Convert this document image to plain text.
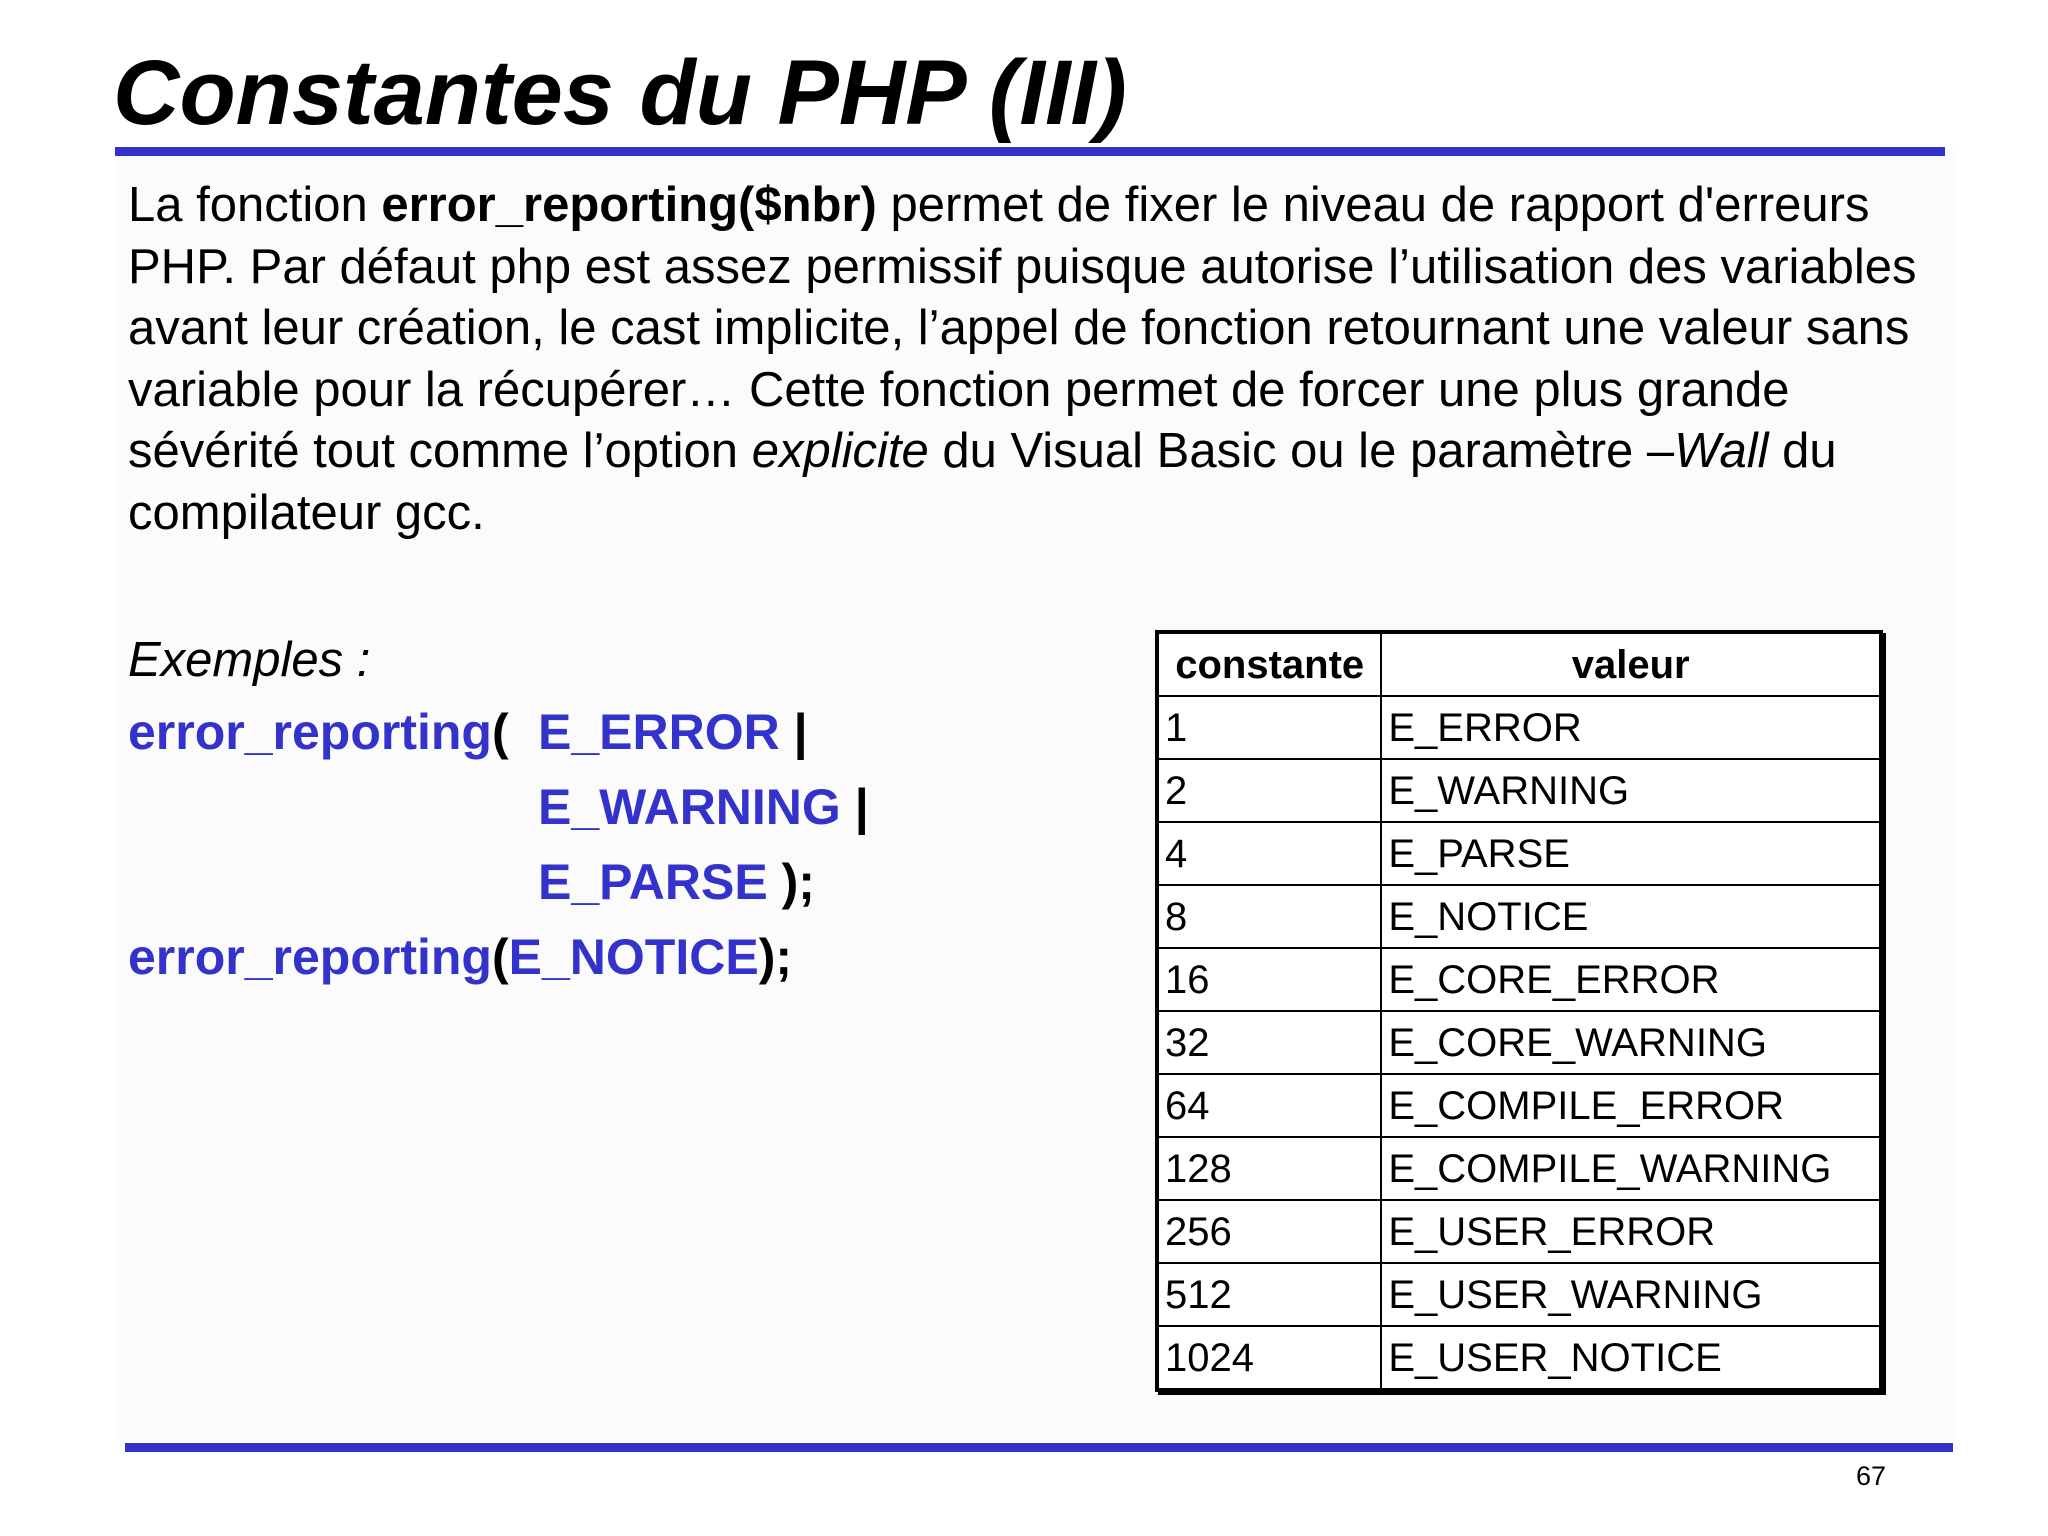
Constantes du PHP (III)

La fonction error_reporting($nbr) permet de fixer le niveau de rapport d'erreurs PHP. Par défaut php est assez permissif puisque autorise l’utilisation des variables avant leur création, le cast implicite, l’appel de fonction retournant une valeur sans variable pour la récupérer… Cette fonction permet de forcer une plus grande sévérité tout comme l’option explicite du Visual Basic ou le paramètre –Wall du compilateur gcc.

Exemples :

error_reporting( E_ERROR |
E_WARNING |
E_PARSE );
error_reporting(E_NOTICE);
constante	valeur
1	E_ERROR
2	E_WARNING
4	E_PARSE
8	E_NOTICE
16	E_CORE_ERROR
32	E_CORE_WARNING
64	E_COMPILE_ERROR
128	E_COMPILE_WARNING
256	E_USER_ERROR
512	E_USER_WARNING
1024	E_USER_NOTICE
67
